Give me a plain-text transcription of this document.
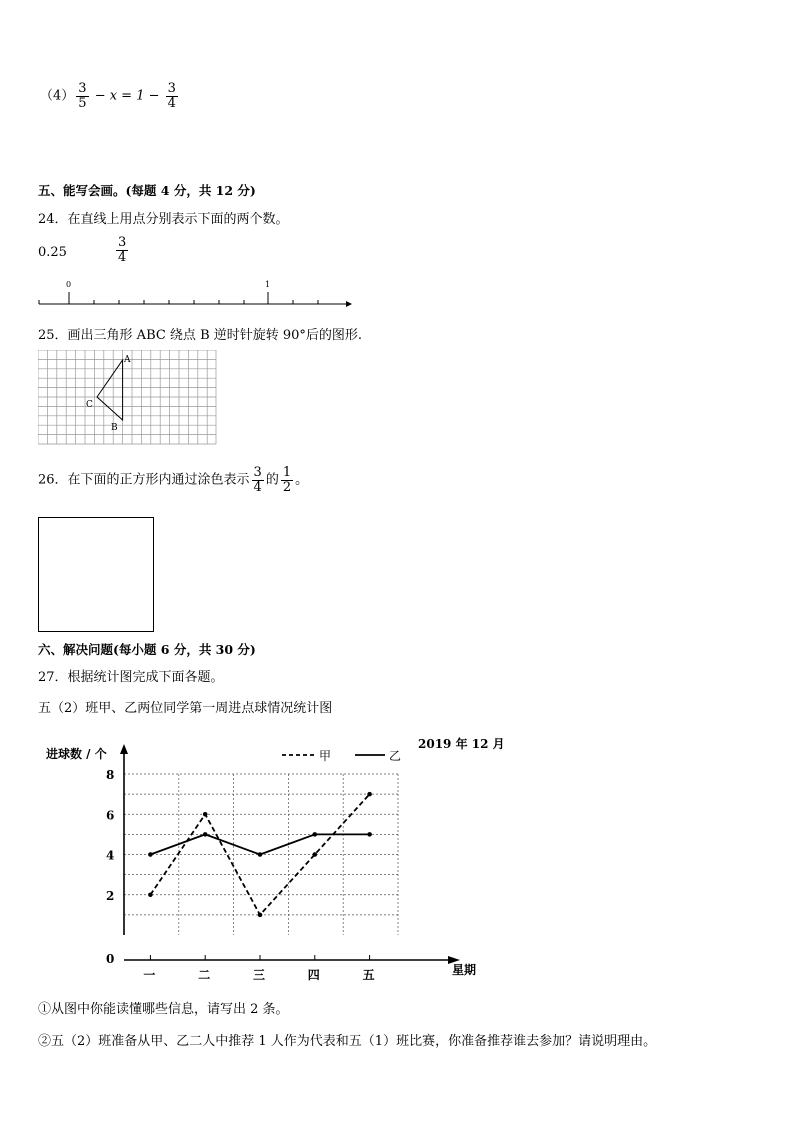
$(4) \frac{3}{5} - x = 1 - \frac{3}{4}$
五、能写会画。(每题 4 分，共 12 分)
24．在直线上用点分别表示下面的两个数。
0.25	$\frac{3}{4}$
0	1
25．画出三角形 ABC 绕点 B 逆时针旋转 90°后的图形.
A
B
C
26．在下面的正方形内通过涂色表示 $\frac{3}{4}$ 的 $\frac{1}{2}$ 。
六、解决问题(每小题 6 分，共 30 分)
27．根据统计图完成下面各题。
五（2）班甲、乙两位同学第一周进点球情况统计图
0
2
4
6
8
一	二	三	四	五
进球数 / 个
星期
2019 年 12 月
甲	乙
①从图中你能读懂哪些信息，请写出 2 条。
②五（2）班准备从甲、乙二人中推荐 1 人作为代表和五（1）班比赛，你准备推荐谁去参加？请说明理由。
